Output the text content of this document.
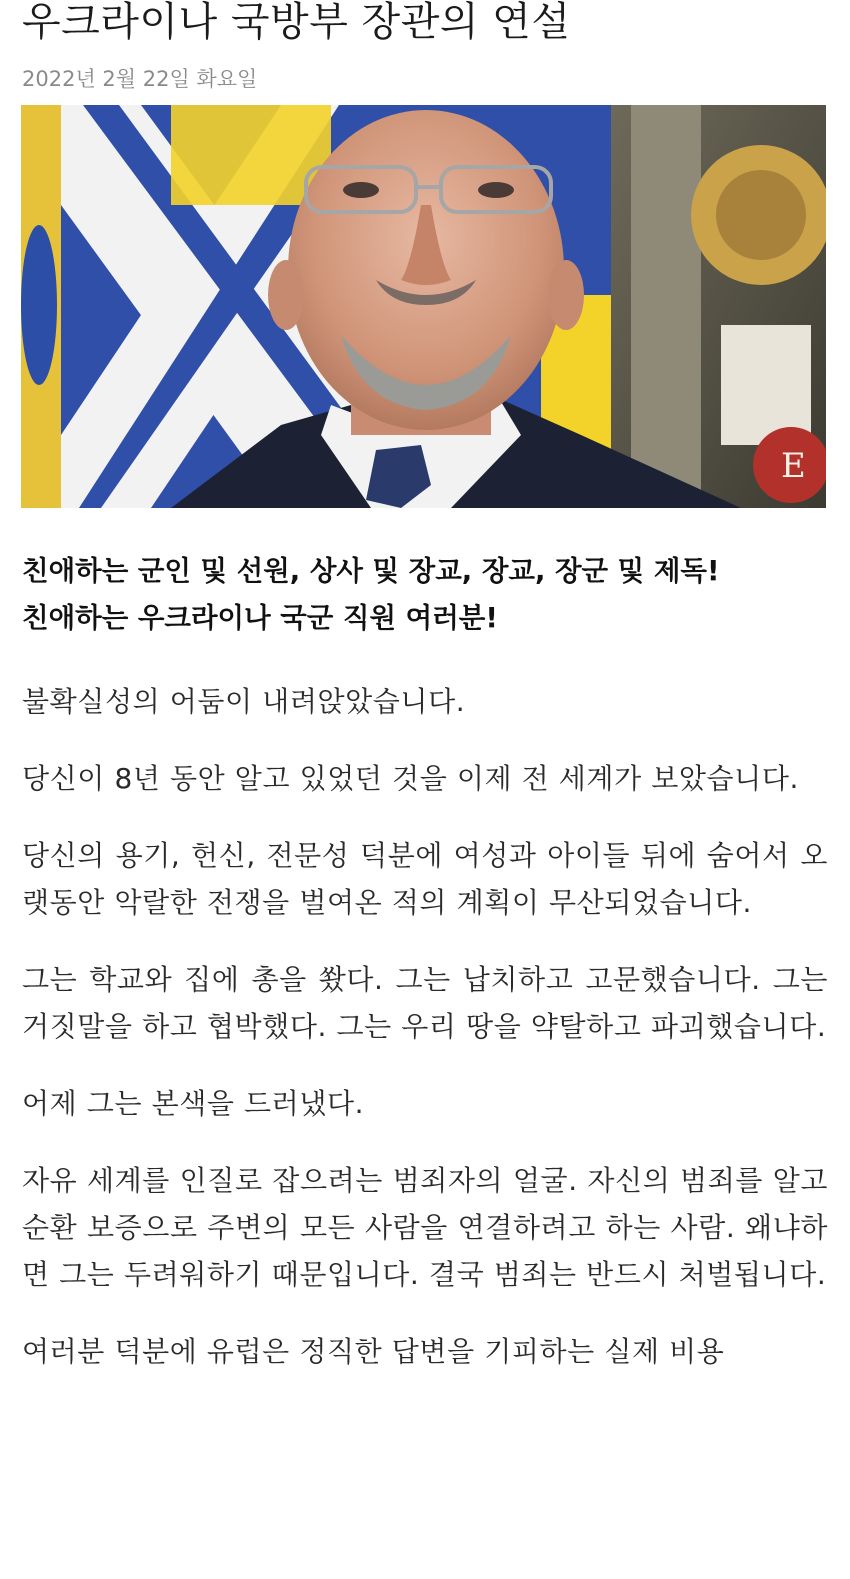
우크라이나 국방부 장관의 연설
2022년 2월 22일 화요일
E
친애하는 군인 및 선원, 상사 및 장교, 장교, 장군 및 제독!
친애하는 우크라이나 국군 직원 여러분!

불확실성의 어둠이 내려앉았습니다.

당신이 8년 동안 알고 있었던 것을 이제 전 세계가 보았습니다.

당신의 용기, 헌신, 전문성 덕분에 여성과 아이들 뒤에 숨어서 오랫동안 악랄한 전쟁을 벌여온 적의 계획이 무산되었습니다.

그는 학교와 집에 총을 쐈다. 그는 납치하고 고문했습니다. 그는 거짓말을 하고 협박했다. 그는 우리 땅을 약탈하고 파괴했습니다.

어제 그는 본색을 드러냈다.

자유 세계를 인질로 잡으려는 범죄자의 얼굴. 자신의 범죄를 알고 순환 보증으로 주변의 모든 사람을 연결하려고 하는 사람. 왜냐하면 그는 두려워하기 때문입니다. 결국 범죄는 반드시 처벌됩니다.

여러분 덕분에 유럽은 정직한 답변을 기피하는 실제 비용
